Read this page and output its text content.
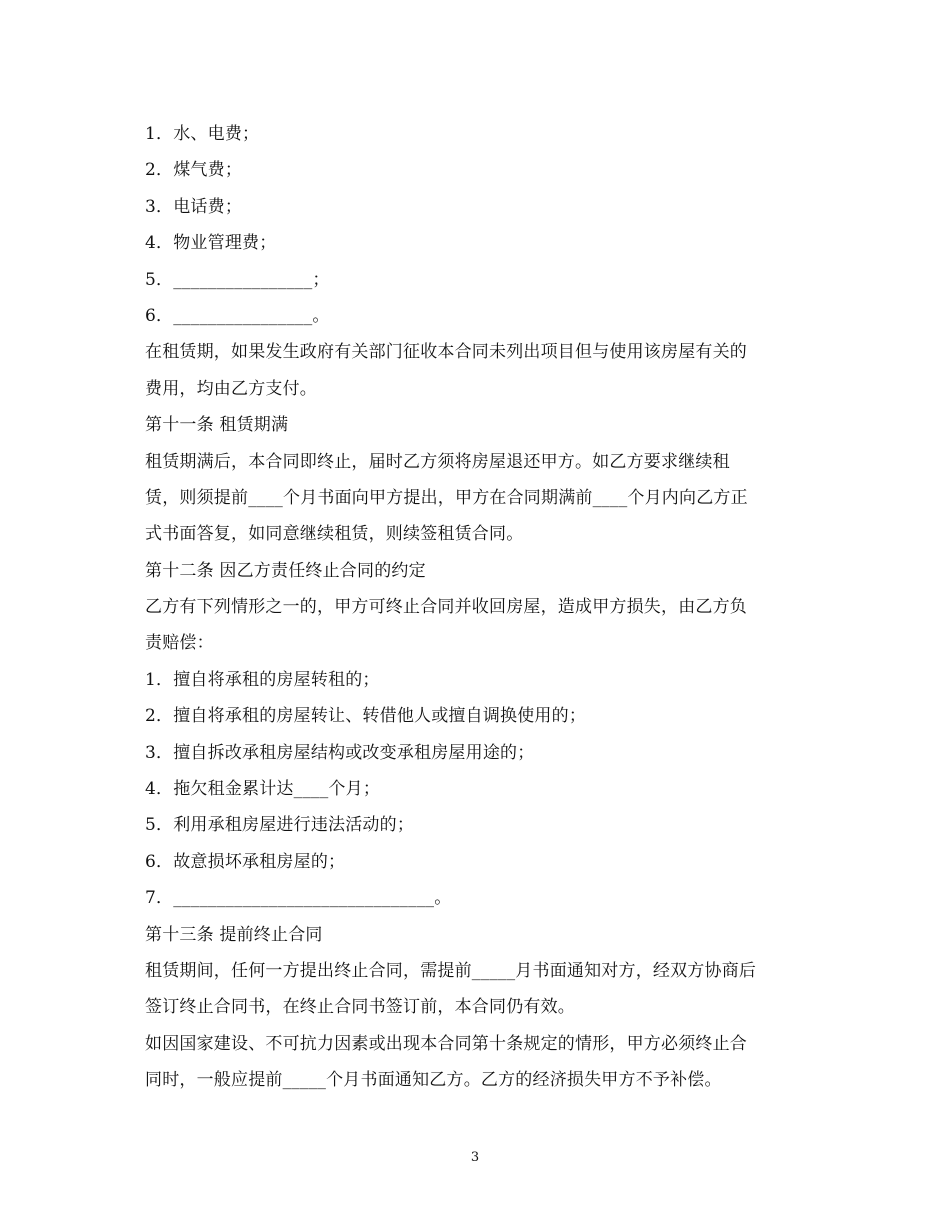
1．水、电费；
2．煤气费；
3．电话费；
4．物业管理费；
5．________________；
6．________________。
在租赁期，如果发生政府有关部门征收本合同未列出项目但与使用该房屋有关的
费用，均由乙方支付。
第十一条 租赁期满
租赁期满后，本合同即终止，届时乙方须将房屋退还甲方。如乙方要求继续租
赁，则须提前____个月书面向甲方提出，甲方在合同期满前____个月内向乙方正
式书面答复，如同意继续租赁，则续签租赁合同。
第十二条 因乙方责任终止合同的约定
乙方有下列情形之一的，甲方可终止合同并收回房屋，造成甲方损失，由乙方负
责赔偿：
1．擅自将承租的房屋转租的；
2．擅自将承租的房屋转让、转借他人或擅自调换使用的；
3．擅自拆改承租房屋结构或改变承租房屋用途的；
4．拖欠租金累计达____个月；
5．利用承租房屋进行违法活动的；
6．故意损坏承租房屋的；
7．______________________________。
第十三条 提前终止合同
租赁期间，任何一方提出终止合同，需提前_____月书面通知对方，经双方协商后
签订终止合同书，在终止合同书签订前，本合同仍有效。
如因国家建设、不可抗力因素或出现本合同第十条规定的情形，甲方必须终止合
同时，一般应提前_____个月书面通知乙方。乙方的经济损失甲方不予补偿。
3
